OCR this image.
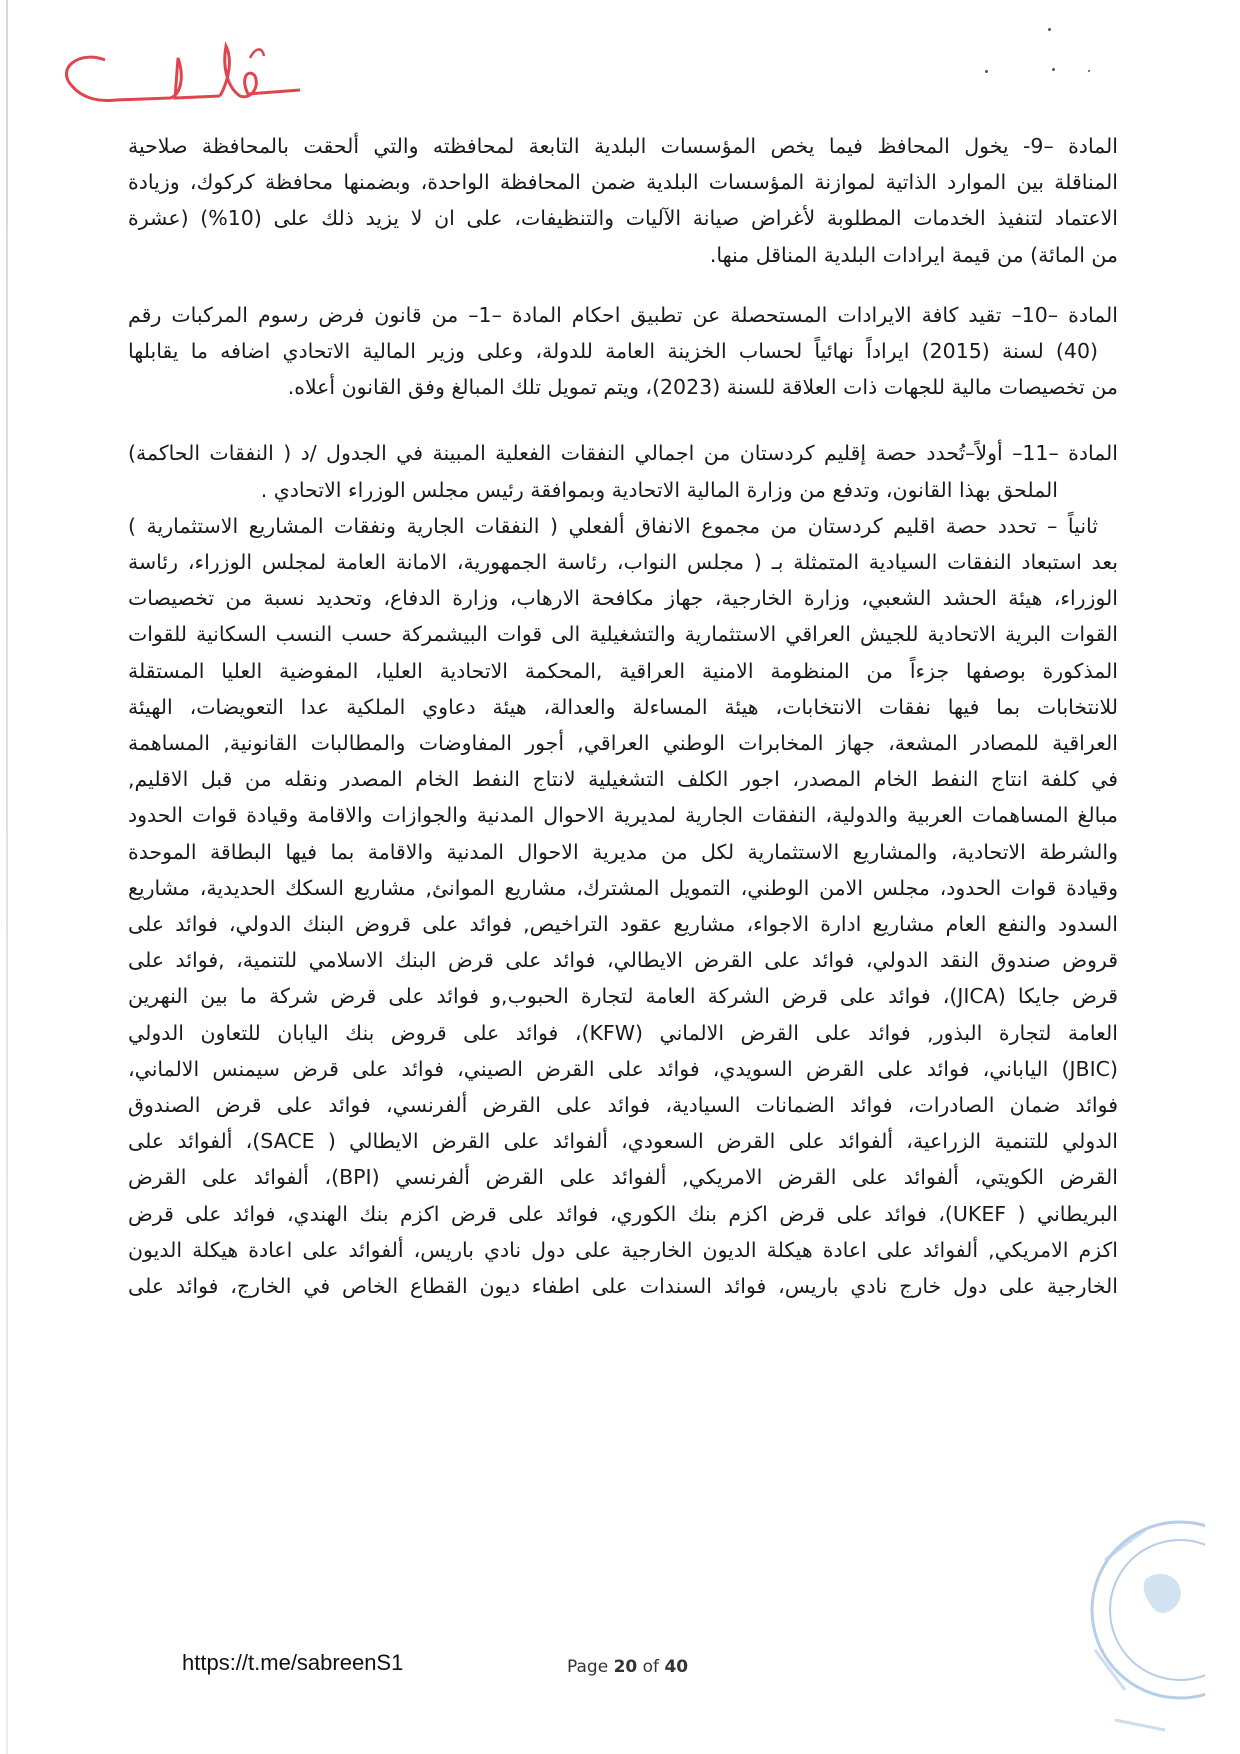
المادة –9- يخول المحافظ فيما يخص المؤسسات البلدية التابعة لمحافظته والتي ألحقت بالمحافظة صلاحية
المناقلة بين الموارد الذاتية لموازنة المؤسسات البلدية ضمن المحافظة الواحدة، وبضمنها محافظة كركوك، وزيادة
الاعتماد لتنفيذ الخدمات المطلوبة لأغراض صيانة الآليات والتنظيفات، على ان لا يزيد ذلك على (10%) (عشرة
من المائة) من قيمة ايرادات البلدية المناقل منها.
المادة –10– تقيد كافة الايرادات المستحصلة عن تطبيق احكام المادة –1– من قانون فرض رسوم المركبات رقم
(40) لسنة (2015) ايراداً نهائياً لحساب الخزينة العامة للدولة، وعلى وزير المالية الاتحادي اضافه ما يقابلها
من تخصيصات مالية للجهات ذات العلاقة للسنة (2023)، ويتم تمويل تلك المبالغ وفق القانون أعلاه.
المادة –11– أولاً–تُحدد حصة إقليم كردستان من اجمالي النفقات الفعلية المبينة في الجدول /د ( النفقات الحاكمة)
الملحق بهذا القانون، وتدفع من وزارة المالية الاتحادية وبموافقة رئيس مجلس الوزراء الاتحادي .
ثانياً – تحدد حصة اقليم كردستان من مجموع الانفاق ألفعلي ( النفقات الجارية ونفقات المشاريع الاستثمارية )
بعد استبعاد النفقات السيادية المتمثلة بـ ( مجلس النواب، رئاسة الجمهورية، الامانة العامة لمجلس الوزراء، رئاسة
الوزراء، هيئة الحشد الشعبي، وزارة الخارجية، جهاز مكافحة الارهاب، وزارة الدفاع، وتحديد نسبة من تخصيصات
القوات البرية الاتحادية للجيش العراقي الاستثمارية والتشغيلية الى قوات البيشمركة حسب النسب السكانية للقوات
المذكورة بوصفها جزءاً من المنظومة الامنية العراقية ,المحكمة الاتحادية العليا، المفوضية العليا المستقلة
للانتخابات بما فيها نفقات الانتخابات، هيئة المساءلة والعدالة، هيئة دعاوي الملكية عدا التعويضات، الهيئة
العراقية للمصادر المشعة، جهاز المخابرات الوطني العراقي, أجور المفاوضات والمطالبات القانونية, المساهمة
في كلفة انتاج النفط الخام المصدر، اجور الكلف التشغيلية لانتاج النفط الخام المصدر ونقله من قبل الاقليم,
مبالغ المساهمات العربية والدولية، النفقات الجارية لمديرية الاحوال المدنية والجوازات والاقامة وقيادة قوات الحدود
والشرطة الاتحادية، والمشاريع الاستثمارية لكل من مديرية الاحوال المدنية والاقامة بما فيها البطاقة الموحدة
وقيادة قوات الحدود، مجلس الامن الوطني، التمويل المشترك، مشاريع الموانئ, مشاريع السكك الحديدية، مشاريع
السدود والنفع العام مشاريع ادارة الاجواء، مشاريع عقود التراخيص, فوائد على قروض البنك الدولي، فوائد على
قروض صندوق النقد الدولي، فوائد على القرض الايطالي، فوائد على قرض البنك الاسلامي للتنمية، ,فوائد على
قرض جايكا (JICA)، فوائد على قرض الشركة العامة لتجارة الحبوب,و فوائد على قرض شركة ما بين النهرين
العامة لتجارة البذور, فوائد على القرض الالماني (KFW)، فوائد على قروض بنك اليابان للتعاون الدولي
(JBIC) الياباني، فوائد على القرض السويدي، فوائد على القرض الصيني، فوائد على قرض سيمنس الالماني،
فوائد ضمان الصادرات، فوائد الضمانات السيادية، فوائد على القرض ألفرنسي، فوائد على قرض الصندوق
الدولي للتنمية الزراعية، ألفوائد على القرض السعودي، ألفوائد على القرض الايطالي ( SACE)، ألفوائد على
القرض الكويتي، ألفوائد على القرض الامريكي, ألفوائد على القرض ألفرنسي (BPI)، ألفوائد على القرض
البريطاني ( UKEF)، فوائد على قرض اكزم بنك الكوري، فوائد على قرض اكزم بنك الهندي، فوائد على قرض
اكزم الامريكي, ألفوائد على اعادة هيكلة الديون الخارجية على دول نادي باريس، ألفوائد على اعادة هيكلة الديون
الخارجية على دول خارج نادي باريس، فوائد السندات على اطفاء ديون القطاع الخاص في الخارج، فوائد على
https://t.me/sabreenS1	Page 20 of 40
